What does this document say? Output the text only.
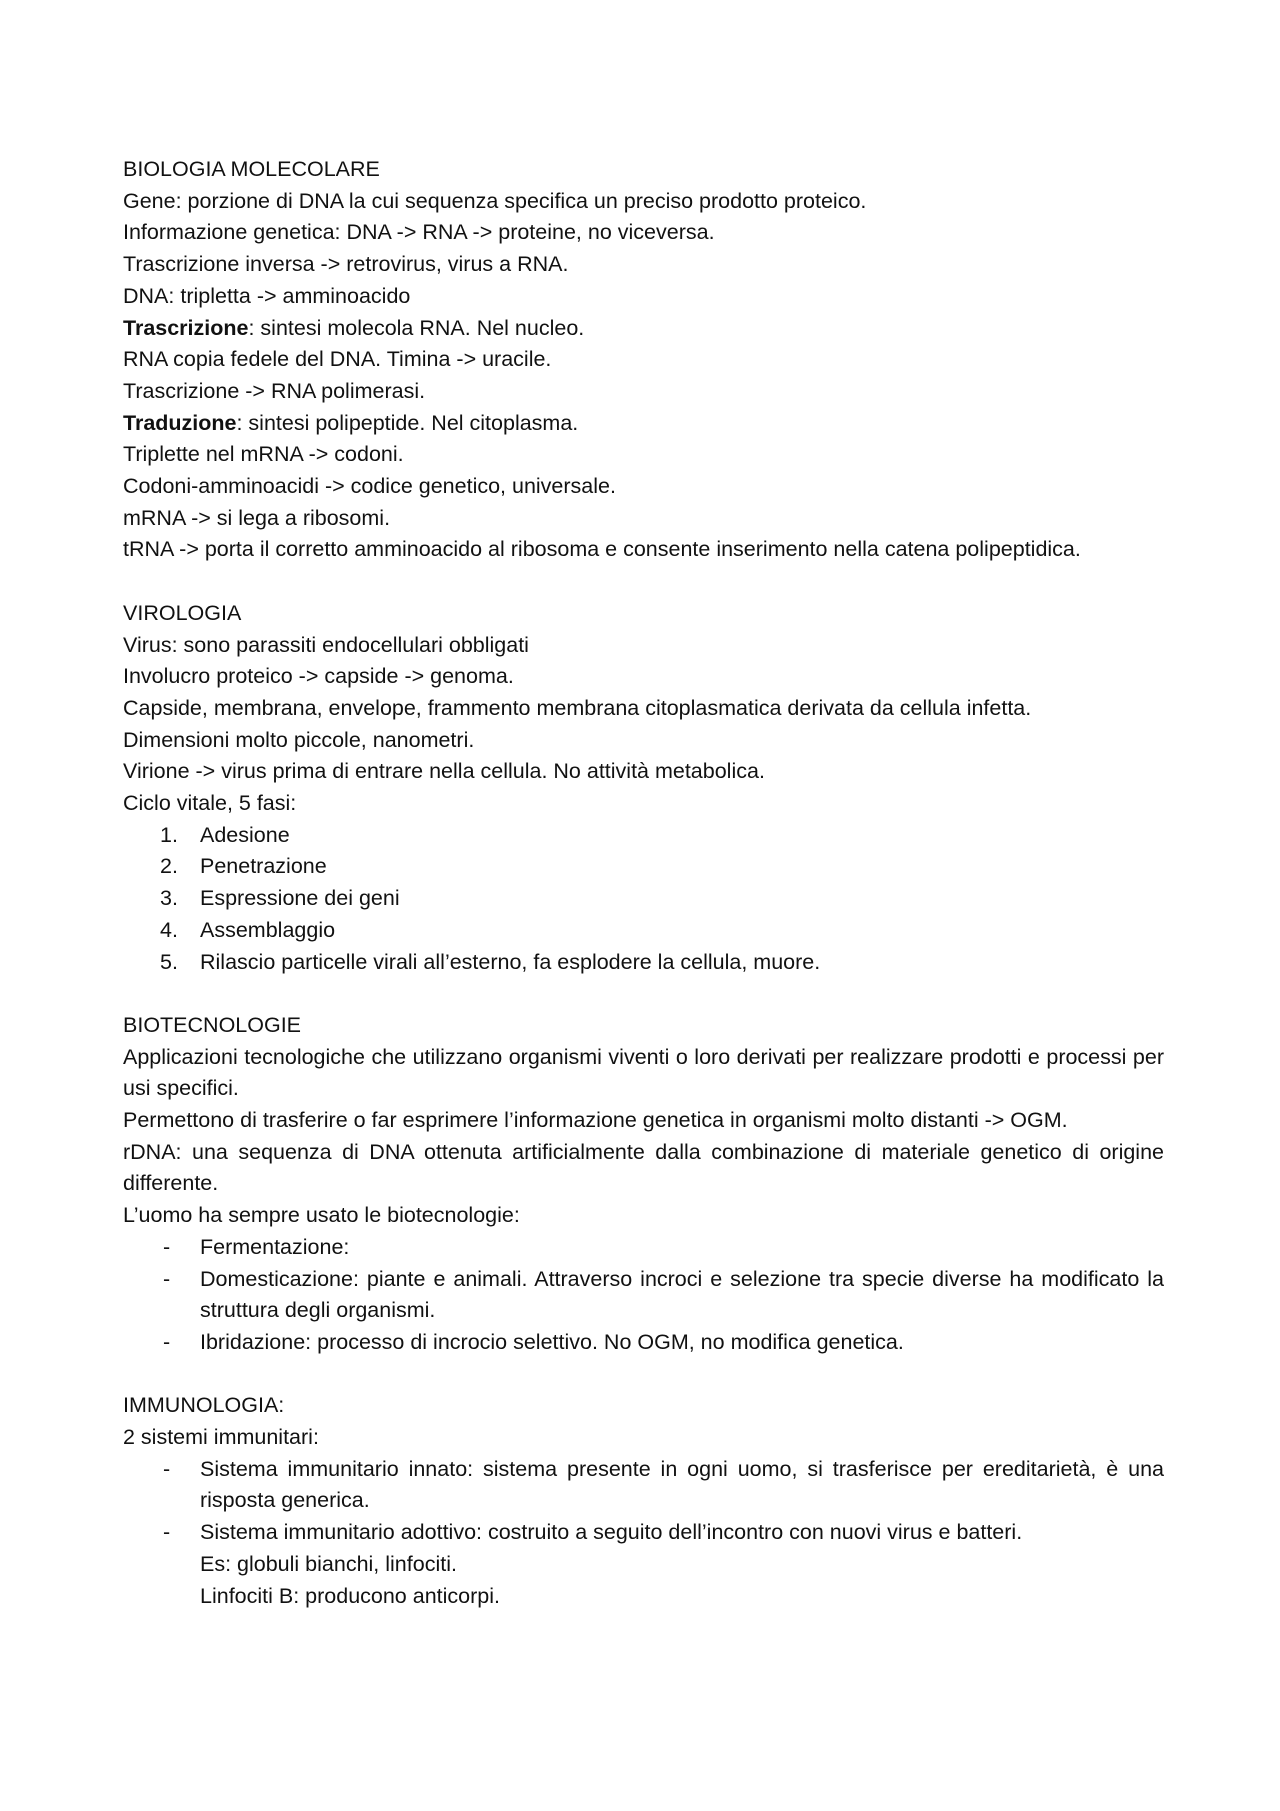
BIOLOGIA MOLECOLARE

Gene: porzione di DNA la cui sequenza specifica un preciso prodotto proteico.

Informazione genetica: DNA -> RNA -> proteine, no viceversa.

Trascrizione inversa -> retrovirus, virus a RNA.

DNA: tripletta -> amminoacido

Trascrizione: sintesi molecola RNA. Nel nucleo.

RNA copia fedele del DNA. Timina -> uracile.

Trascrizione -> RNA polimerasi.

Traduzione: sintesi polipeptide. Nel citoplasma.

Triplette nel mRNA -> codoni.

Codoni-amminoacidi -> codice genetico, universale.

mRNA -> si lega a ribosomi.

tRNA -> porta il corretto amminoacido al ribosoma e consente inserimento nella catena polipeptidica.

VIROLOGIA

Virus: sono parassiti endocellulari obbligati

Involucro proteico -> capside -> genoma.

Capside, membrana, envelope, frammento membrana citoplasmatica derivata da cellula infetta.

Dimensioni molto piccole, nanometri.

Virione -> virus prima di entrare nella cellula. No attività metabolica.

Ciclo vitale, 5 fasi:

1.	Adesione
2.	Penetrazione
3.	Espressione dei geni
4.	Assemblaggio
5.	Rilascio particelle virali all’esterno, fa esplodere la cellula, muore.

BIOTECNOLOGIE

Applicazioni tecnologiche che utilizzano organismi viventi o loro derivati per realizzare prodotti e processi per usi specifici.

Permettono di trasferire o far esprimere l’informazione genetica in organismi molto distanti -> OGM.

rDNA: una sequenza di DNA ottenuta artificialmente dalla combinazione di materiale genetico di origine differente.

L’uomo ha sempre usato le biotecnologie:

- Fermentazione:
- Domesticazione: piante e animali. Attraverso incroci e selezione tra specie diverse ha modificato la struttura degli organismi.
- Ibridazione: processo di incrocio selettivo. No OGM, no modifica genetica.

IMMUNOLOGIA:

2 sistemi immunitari:

- Sistema immunitario innato: sistema presente in ogni uomo, si trasferisce per ereditarietà, è una risposta generica.
- Sistema immunitario adottivo: costruito a seguito dell’incontro con nuovi virus e batteri.
Es: globuli bianchi, linfociti.
Linfociti B: producono anticorpi.
